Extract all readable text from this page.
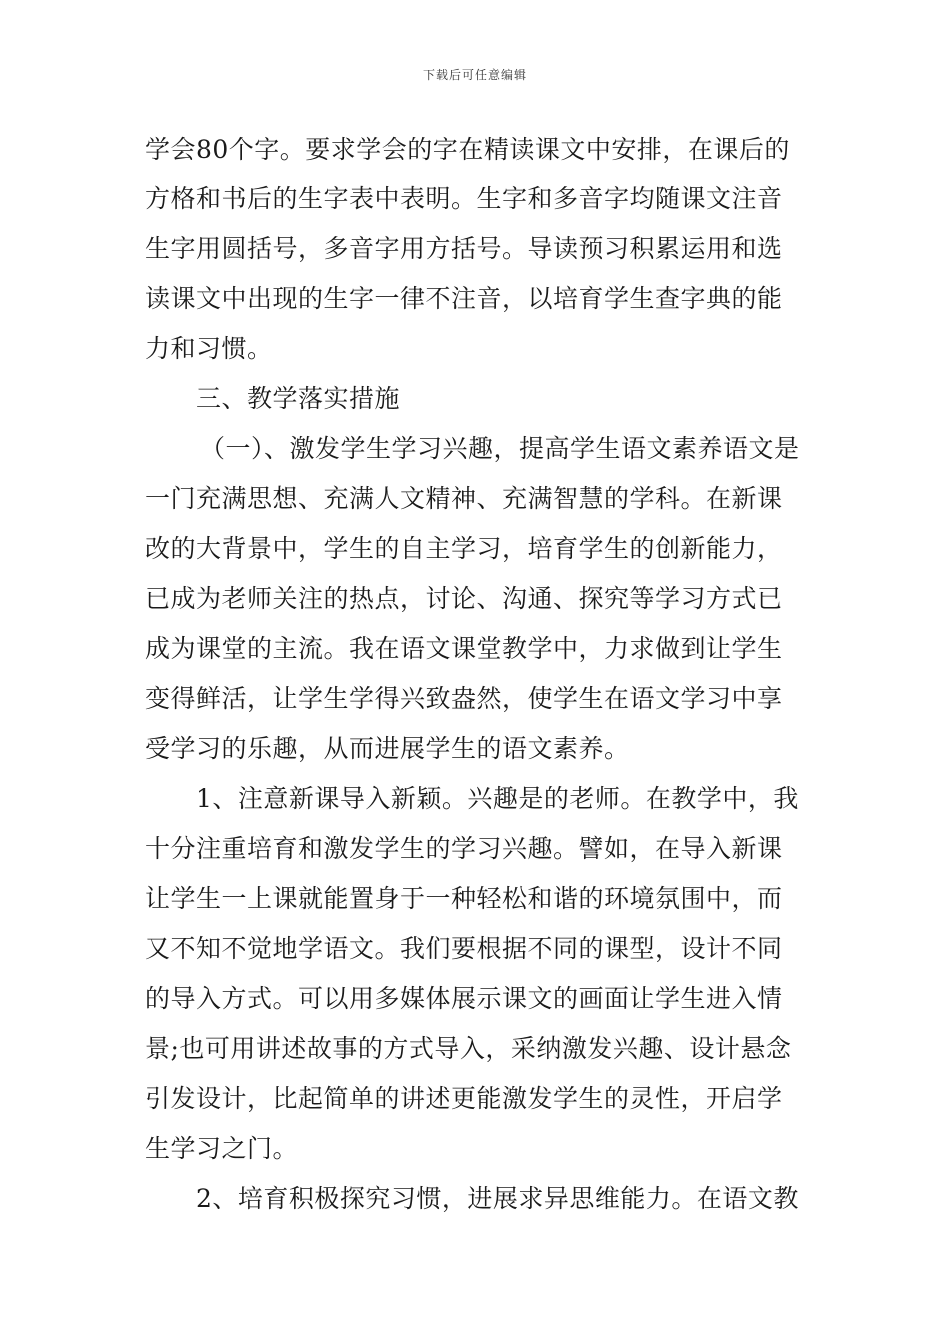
下载后可任意编辑
学会80个字。要求学会的字在精读课文中安排，在课后的
方格和书后的生字表中表明。生字和多音字均随课文注音
生字用圆括号，多音字用方括号。导读预习积累运用和选
读课文中出现的生字一律不注音，以培育学生查字典的能
力和习惯。
三、教学落实措施
（一）、激发学生学习兴趣，提高学生语文素养语文是
一门充满思想、充满人文精神、充满智慧的学科。在新课
改的大背景中，学生的自主学习，培育学生的创新能力，
已成为老师关注的热点，讨论、沟通、探究等学习方式已
成为课堂的主流。我在语文课堂教学中，力求做到让学生
变得鲜活，让学生学得兴致盎然，使学生在语文学习中享
受学习的乐趣，从而进展学生的语文素养。
1、注意新课导入新颖。兴趣是的老师。在教学中，我
十分注重培育和激发学生的学习兴趣。譬如，在导入新课
让学生一上课就能置身于一种轻松和谐的环境氛围中，而
又不知不觉地学语文。我们要根据不同的课型，设计不同
的导入方式。可以用多媒体展示课文的画面让学生进入情
景;也可用讲述故事的方式导入，采纳激发兴趣、设计悬念
引发设计，比起简单的讲述更能激发学生的灵性，开启学
生学习之门。
2、培育积极探究习惯，进展求异思维能力。在语文教
